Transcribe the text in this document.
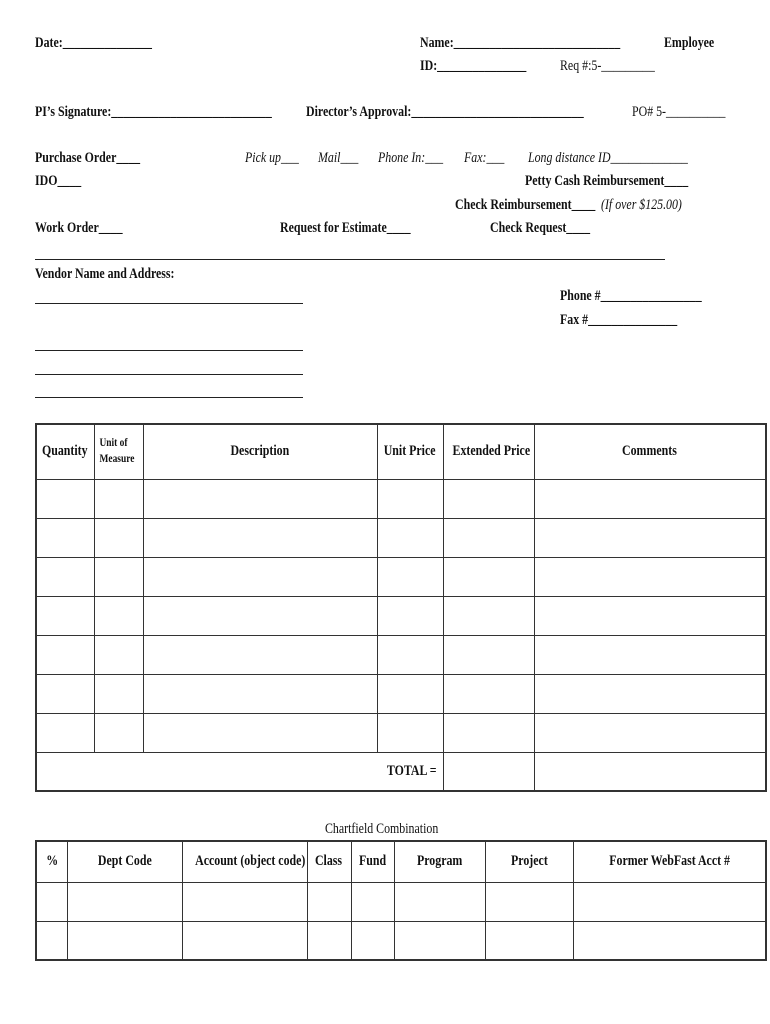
Date:_______________	Name:____________________________	Employee
ID:_______________ Req #:5-_________
PI’s Signature:___________________________ Director’s Approval:_____________________________	PO# 5-__________
Purchase Order____	Pick up___ Mail___ Phone In:___ Fax:___ Long distance ID_____________
IDO____	Petty Cash Reimbursement____
Check Reimbursement____ (If over $125.00)
Work Order____	Request for Estimate____	Check Request____
Vendor Name and Address:
Phone #_________________
Fax #_______________
Quantity	Unit of Measure	Description	Unit Price	Extended Price	Comments

TOTAL =					
Chartfield Combination
%	Dept Code	Account (object code)	Class	Fund	Program	Project	Former WebFast Acct #
